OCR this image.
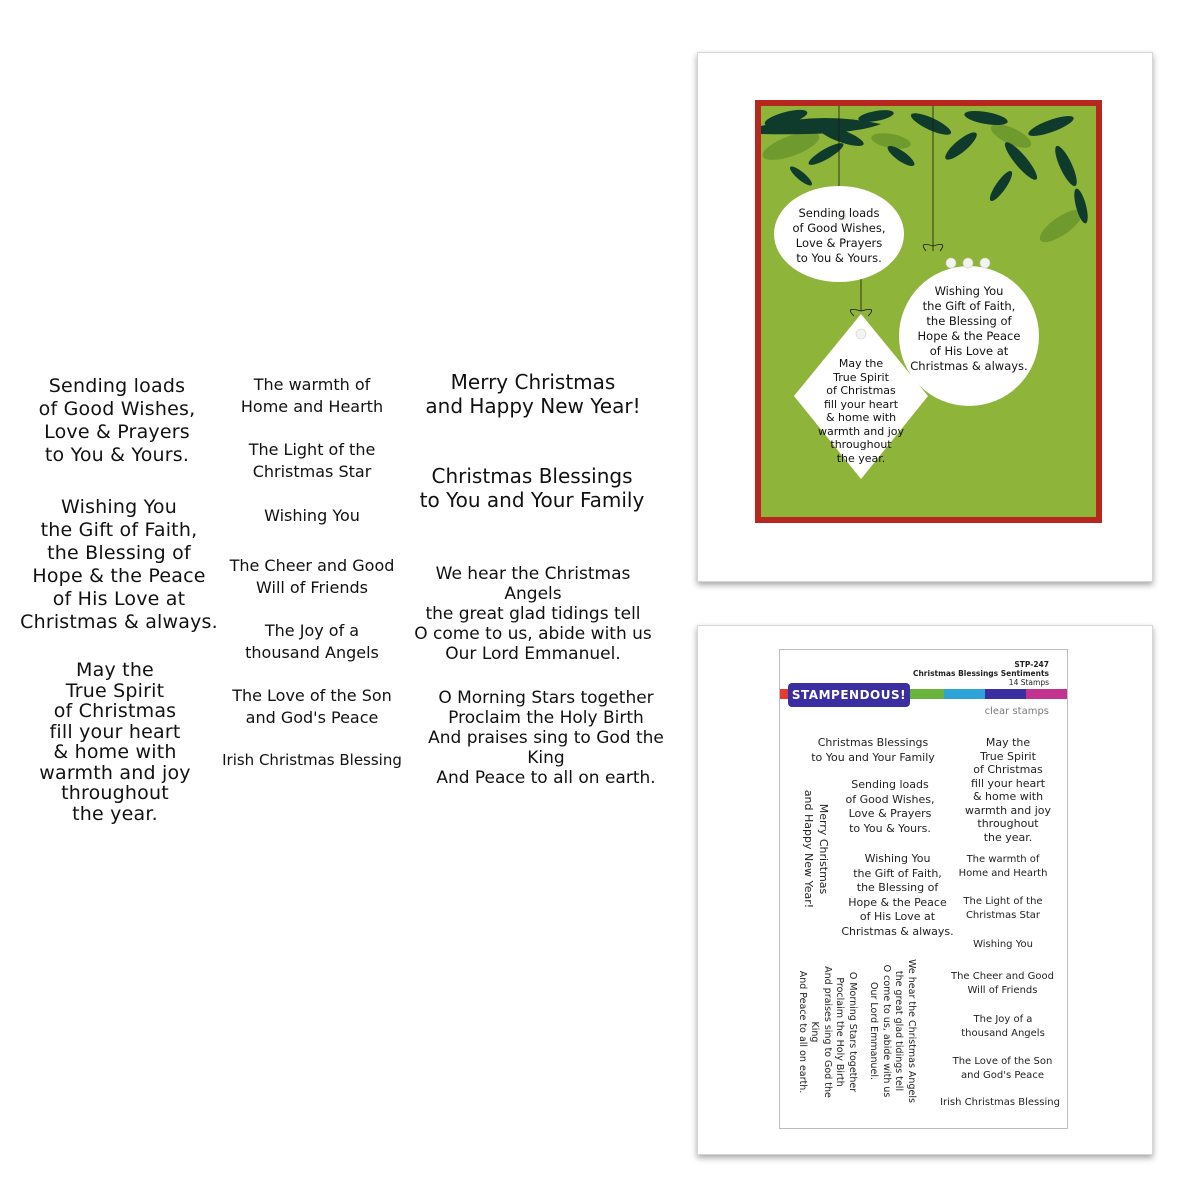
Sending loads
of Good Wishes,
Love & Prayers
to You & Yours.
Wishing You
the Gift of Faith,
the Blessing of
Hope & the Peace
of His Love at
Christmas & always.
May the
True Spirit
of Christmas
fill your heart
& home with
warmth and joy
throughout
the year.
The warmth of
Home and Hearth
The Light of the
Christmas Star
Wishing You
The Cheer and Good
Will of Friends
The Joy of a
thousand Angels
The Love of the Son
and God's Peace
Irish Christmas Blessing
Merry Christmas
and Happy New Year!
Christmas Blessings
to You and Your Family
We hear the Christmas Angels
the great glad tidings tell
O come to us, abide with us
Our Lord Emmanuel.
O Morning Stars together
Proclaim the Holy Birth
And praises sing to God the King
And Peace to all on earth.
Sending loads
of Good Wishes,
Love & Prayers
to You & Yours.
Wishing You
the Gift of Faith,
the Blessing of
Hope & the Peace
of His Love at
Christmas & always.
May the
True Spirit
of Christmas
fill your heart
& home with
warmth and joy
throughout
the year.
STP-247
Christmas Blessings Sentiments
14 Stamps
STAMPENDOUS!
clear stamps
Christmas Blessings
to You and Your Family
Sending loads
of Good Wishes,
Love & Prayers
to You & Yours.
Wishing You
the Gift of Faith,
the Blessing of
Hope & the Peace
of His Love at
Christmas & always.
May the
True Spirit
of Christmas
fill your heart
& home with
warmth and joy
throughout
the year.
The warmth of
Home and Hearth
The Light of the
Christmas Star
Wishing You
The Cheer and Good
Will of Friends
The Joy of a
thousand Angels
The Love of the Son
and God's Peace
Irish Christmas Blessing
Merry Christmas
and Happy New Year!
We hear the Christmas Angels
the great glad tidings tell
O come to us, abide with us
Our Lord Emmanuel.
O Morning Stars together
Proclaim the Holy Birth
And praises sing to God the King
And Peace to all on earth.
